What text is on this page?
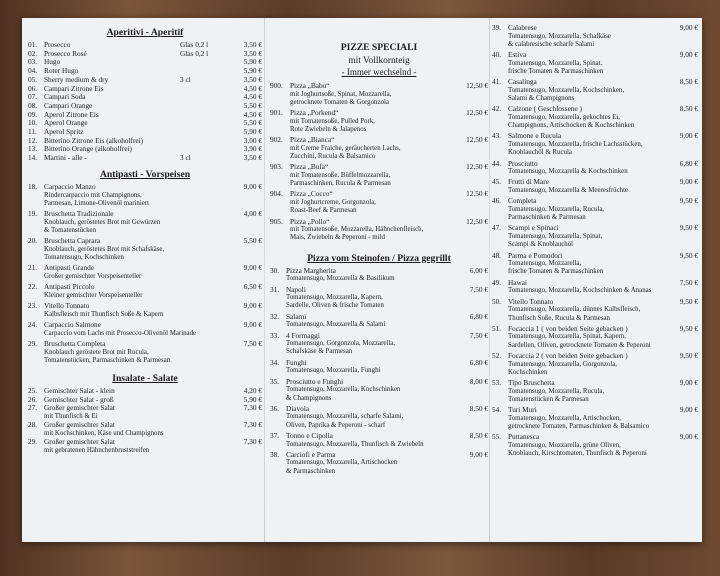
Aperitivi - Aperitif
01. Prosecco	Glas 0,2 l	3,50 €
02. Prosecco Rosé	Glas 0,2 l	3,50 €
03. Hugo	5,90 €
04. Roter Hugo	5,90 €
05. Sherry medium & dry	3 cl	3,50 €
06. Campari Zitrone Eis	4,50 €
07. Campari Soda	4,50 €
08. Campari Orange	5,50 €
09. Aperol Zitrone Eis	4,50 €
10. Aperol Orange	5,50 €
11. Aperol Spritz	5,90 €
12. Bitterino Zitrone Eis (alkoholfrei)	3,00 €
13. Bitterino Orange (alkoholfrei)	3,90 €
14. Martini - alle -	3 cl	3,50 €
Antipasti - Vorspeisen
18. Carpaccio Manzo	9,00 €
Rindercarpaccio mit Champignons,
Parmesan, Limone-Olivenöl mariniert
19. Bruschetta Tradizionale	4,00 €
Knoblauch, geröstetes Brot mit Gewürzen
& Tomatenstücken
20. Bruschetta Caprara	5,50 €
Knoblauch, geröstetes Brot mit Schafskäse,
Tomatensugo, Kochschinken
21. Antipasti Grande	9,00 €
Großer gemischter Vorspeisenteller
22. Antipasti Piccolo	6,50 €
Kleiner gemischter Vorspeisenteller
23. Vitello Tonnato	9,00 €
Kalbsfleisch mit Thunfisch Soße & Kapern
24. Carpaccio Salmone	9,00 €
Carpaccio vom Lachs mit Prosecco-Olivenöl Marinade
29. Bruschetta Completa	7,50 €
Knoblauch geröstete Brot mit Rucula,
Tomatenstücken, Parmaschinken & Parmesan
Insalate - Salate
25. Gemischter Salat - klein	4,20 €
26. Gemischter Salat - groß	5,90 €
27. Großer gemischter Salat	7,30 €
mit Thunfisch & Ei
28. Großer gemischter Salat	7,30 €
mit Kochschinken, Käse und Champignons
29. Großer gemischter Salat	7,30 €
mit gebratenen Hähnchenbruststreifen
PIZZE SPECIALI
mit Vollkornteig
- Immer wechselnd -
900. Pizza „Babu“	12,50 €
mit Joghurtsoße, Spinat, Mozzarella,
getrocknete Tomaten & Gorgonzola
901. Pizza „Porkend“	12,50 €
mit Tomatensoße, Pulled Pork,
Rote Zwiebeln & Jalapenos
902. Pizza „Bianca“	12,50 €
mit Creme Fraiche, geräucherten Lachs,
Zucchini, Rucula & Balsamico
903. Pizza „Bufa“	12,50 €
mit Tomatensoße, Büffelmozzarella,
Parmaschinken, Rucula & Parmesan
904. Pizza „Cocco“	12,50 €
mit Joghurtcreme, Gorgonzola,
Roast-Beef & Parmesan
905. Pizza „Pollo“	12,50 €
mit Tomatensoße, Mozzarella, Hähnchenfleisch,
Mais, Zwiebeln & Peperoni - mild
Pizza vom Steinofen / Pizza gegrillt
30. Pizza Margherita	6,00 €
Tomatensugo, Mozzarella & Basilikum
31. Napoli	7,50 €
Tomatensugo, Mozzarella, Kapern,
Sardelle, Oliven & frische Tomaten
32. Salami	6,80 €
Tomatensugo, Mozzarella & Salami
33. 4 Formaggi	7,50 €
Tomatensugo, Gorgonzola, Mozzarella,
Schafskäse & Parmesan
34. Funghi	6,80 €
Tomatensugo, Mozzarella, Funghi
35. Prosciutto e Funghi	8,00 €
Tomatensugo, Mozzarella, Kochschinken
& Champignons
36. Diavola	8,50 €
Tomatensugo, Mozzarella, scharfe Salami,
Oliven, Paprika & Peperoni - scharf
37. Tonno e Cipolla	8,50 €
Tomatensugo, Mozzarella, Thunfisch & Zwiebeln
38. Carciofi e Parma	9,00 €
Tomatensugo, Mozzarella, Artischocken
& Parmaschinken
39. Calabrese	9,00 €
Tomatensugo, Mozzarella, Schafkäse
& calabresische scharfe Salami
40. Estiva	9,00 €
Tomatensugo, Mozzarella, Spinat,
frische Tomaten & Parmaschinken
41. Casalinga	8,50 €
Tomatensugo, Mozzarella, Kochschinken,
Salami & Champignons
42. Calzone ( Geschlossene )	8,50 €
Tomatensugo, Mozzarella, gekochtes Ei,
Champignons, Artischocken & Kochschinken
43. Salmone e Rucula	9,00 €
Tomatensugo, Mozzarella, frische Lachsstücken,
Knoblauchöl & Rucula
44. Prosciutto	6,80 €
Tomatensugo, Mozzarella & Kochschinken
45. Frutti di Mare	9,00 €
Tomatensugo, Mozzarella & Meeresfrüchte
46. Completa	9,50 €
Tomatensugo, Mozzarella, Rucula,
Parmaschinken & Parmesan
47. Scampi e Spinaci	9,50 €
Tomatensugo, Mozzarella, Spinat,
Scampi & Knoblauchöl
48. Parma e Pomodori	9,50 €
Tomatensugo, Mozzarella,
frische Tomaten & Parmaschinken
49. Hawai	7,50 €
Tomatensugo, Mozzarella, Kochschinken & Ananas
50. Vitello Tonnato	9,50 €
Tomatensugo, Mozzarella, dünnes Kalbsfleisch,
Thunfisch Soße, Rucula & Parmesan
51. Focaccia 1 ( von beiden Seite gebacken )	9,50 €
Tomatensugo, Mozzarella, Spinat, Kapern,
Sardellen, Oliven, getrocknete Tomaten & Peperoni
52. Focaccia 2 ( von beiden Seite gebacken )	9,50 €
Tomatensugo, Mozzarella, Gorgonzola,
Kochschinken
53. Tipo Bruschetta	9,00 €
Tomatensugo, Mozzarella, Rucula,
Tomatenstücken & Parmesan
54. Turi Muri	9,00 €
Tomatensugo, Mozzarella, Artischocken,
getrocknete Tomaten, Parmaschinken & Balsamico
55. Puttanesca	9,00 €
Tomatensugo, Mozzarella, grüne Oliven,
Knoblauch, Kirschtomaten, Thunfisch & Peperoni
